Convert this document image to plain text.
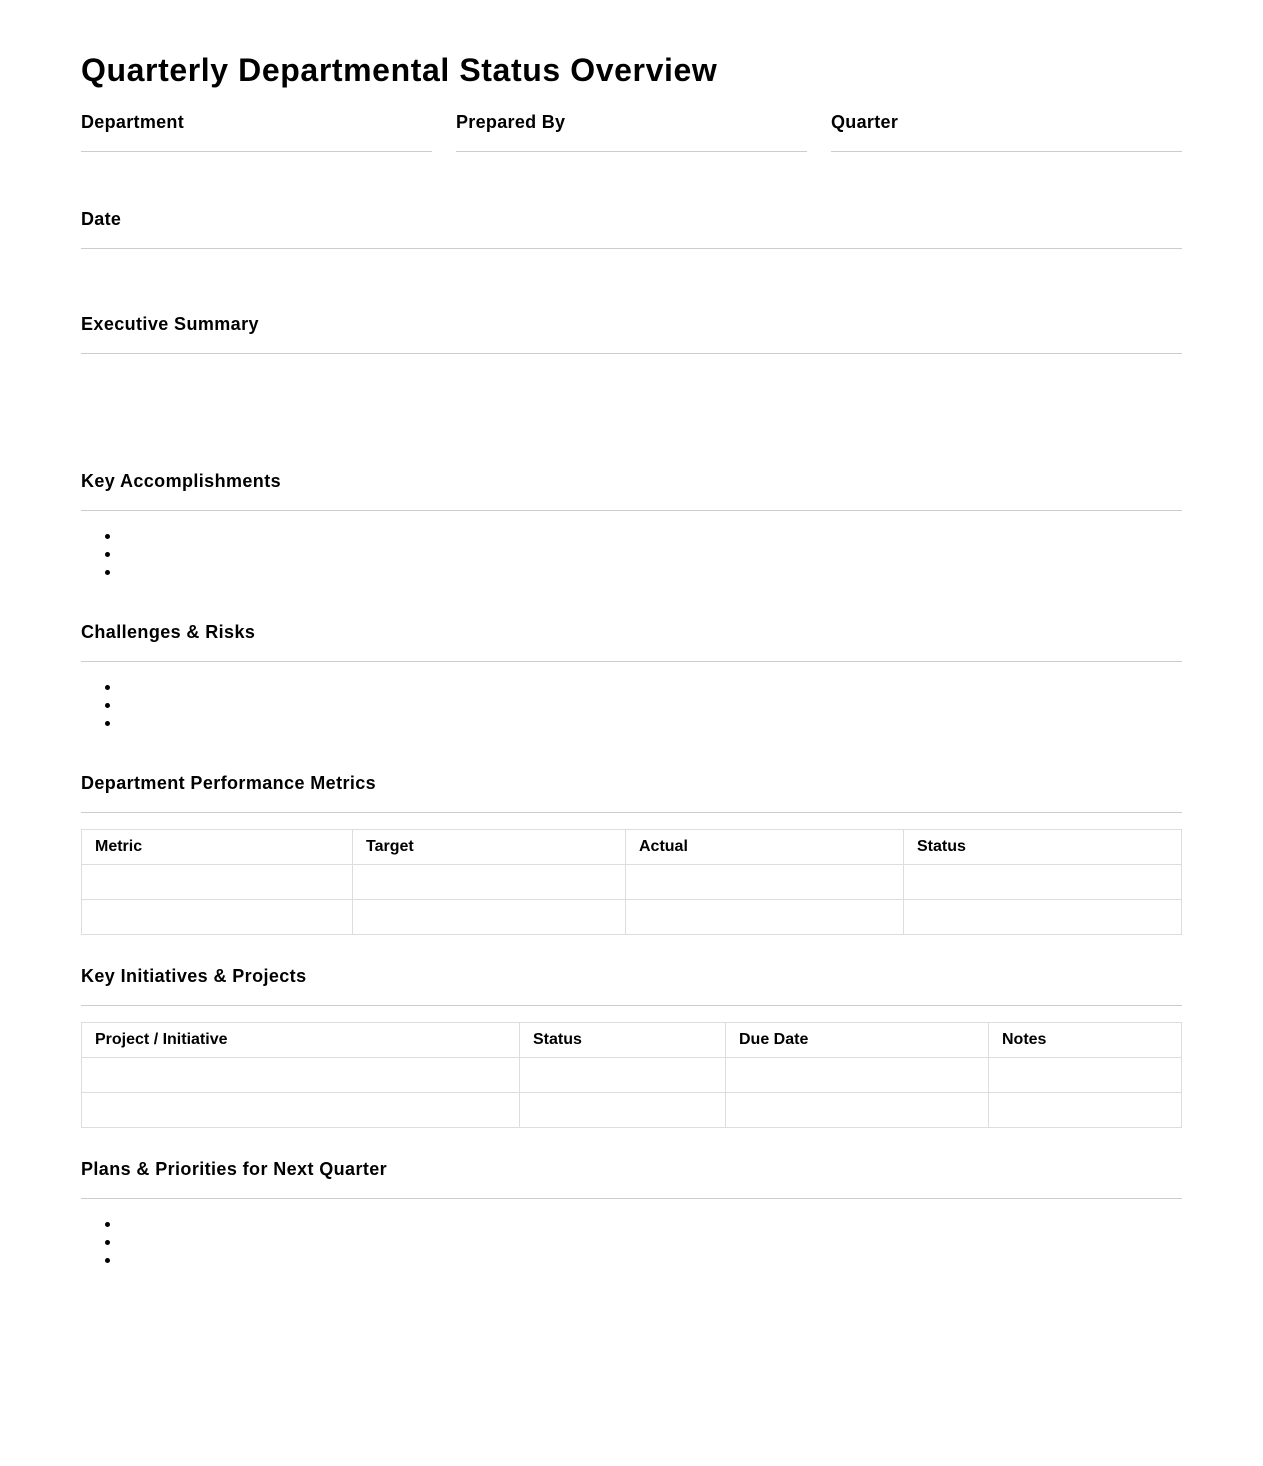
Quarterly Departmental Status Overview
Department	Prepared By	Quarter
Date
Executive Summary
Key Accomplishments
Challenges & Risks
Department Performance Metrics
Metric	Target	Actual	Status

Key Initiatives & Projects
Project / Initiative	Status	Due Date	Notes

Plans & Priorities for Next Quarter
